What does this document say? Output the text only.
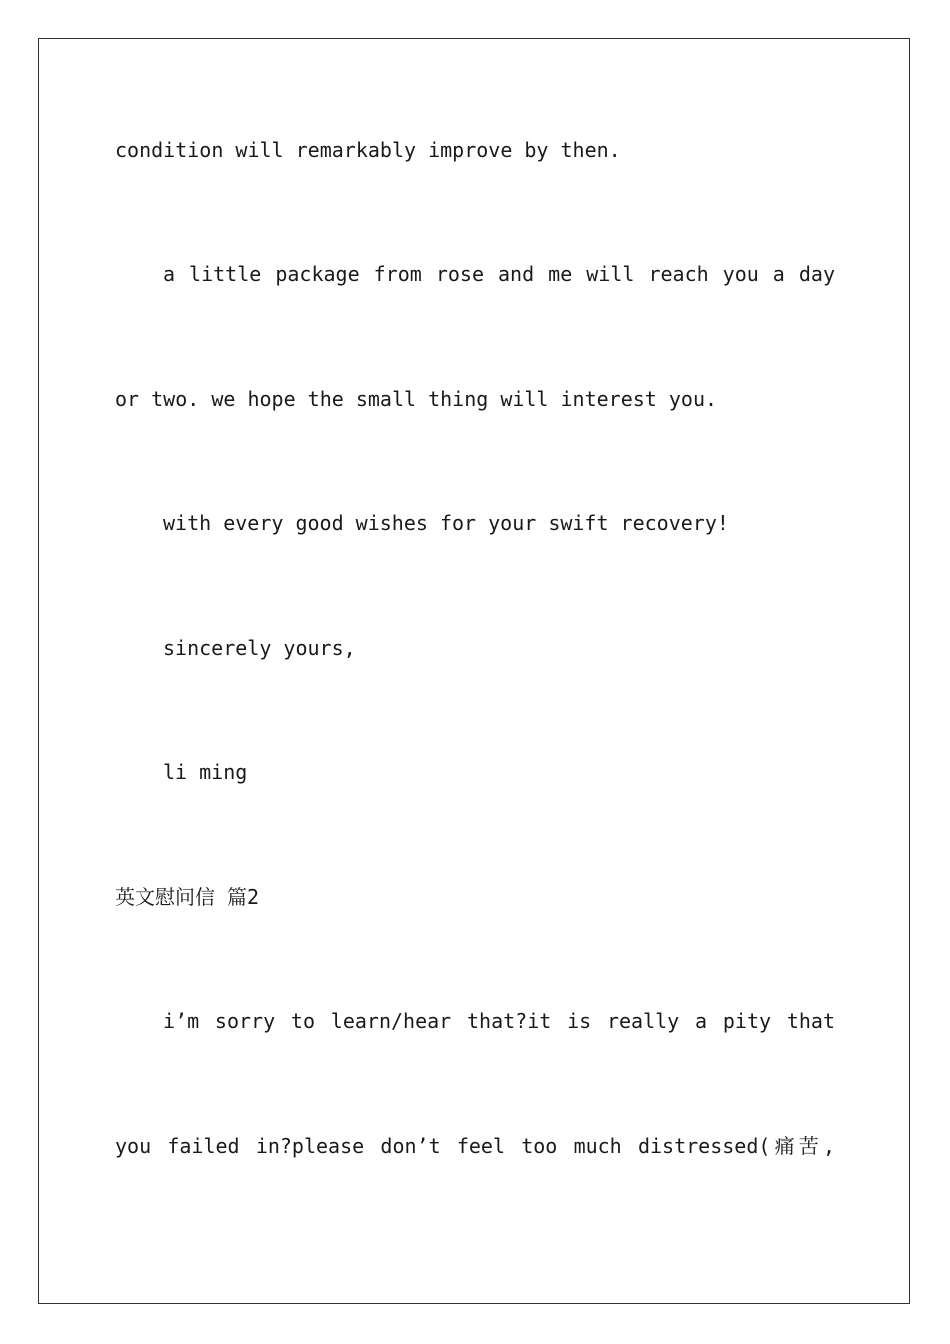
condition will remarkably improve by then.
a little package from rose and me will reach you a day
or two. we hope the small thing will interest you.
with every good wishes for your swift recovery!
sincerely yours,
li ming
英文慰问信 篇2
i’m sorry to learn/hear that?it is really a pity that
you failed in?please don’t feel too much distressed(痛苦,
